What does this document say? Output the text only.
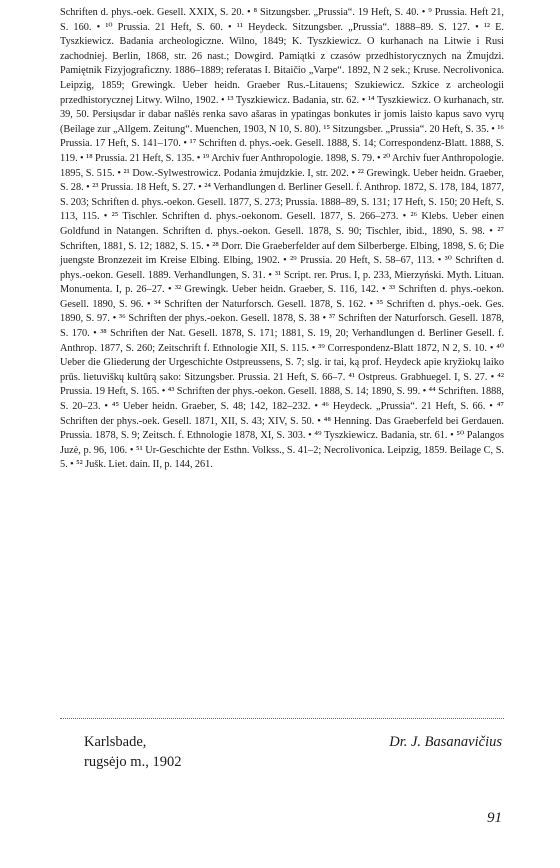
Schriften d. phys.-oek. Gesell. XXIX, S. 20. • ⁸ Sitzungsber. „Prussia“. 19 Heft, S. 40. • ⁹ Prussia. Heft 21, S. 160. • ¹⁰ Prussia. 21 Heft, S. 60. • ¹¹ Heydeck. Sitzungsber. „Prussia“. 1888–89. S. 127. • ¹² E. Tyszkiewicz. Badania archeologiczne. Wilno, 1849; K. Tyszkiewicz. O kurhanach na Litwie i Rusi zachodniej. Berlin, 1868, str. 26 nast.; Dowgird. Pamiątki z czasów przedhistorycznych na Żmujdzi. Pamiętnik Fizyjograficzny. 1886–1889; referatas I. Bitaičio „Varpe“. 1892, N 2 sek.; Kruse. Necrolivonica. Leipzig, 1859; Grewingk. Ueber heidn. Graeber Rus.-Litauens; Szukiewicz. Szkice z archeologii przedhistorycznej Litwy. Wilno, 1902. • ¹³ Tyszkiewicz. Badania, str. 62. • ¹⁴ Tyszkiewicz. O kurhanach, str. 39, 50. Persiųsdar ir dabar našlės renka savo ašaras in ypatingas bonkutes ir jomis laisto kapus savo vyrų (Beilage zur „Allgem. Zeitung“. Muenchen, 1903, N 10, S. 80). ¹⁵ Sitzungsber. „Prussia“. 20 Heft, S. 35. • ¹⁶ Prussia. 17 Heft, S. 141–170. • ¹⁷ Schriften d. phys.-oek. Gesell. 1888, S. 14; Correspondenz-Blatt. 1888, S. 119. • ¹⁸ Prussia. 21 Heft, S. 135. • ¹⁹ Archiv fuer Anthropologie. 1898, S. 79. • ²⁰ Archiv fuer Anthropologie. 1895, S. 515. • ²¹ Dow.-Sylwestrowicz. Podania żmujdzkie. I, str. 202. • ²² Grewingk. Ueber heidn. Graeber, S. 28. • ²³ Prussia. 18 Heft, S. 27. • ²⁴ Verhandlungen d. Berliner Gesell. f. Anthrop. 1872, S. 178, 184, 1877, S. 203; Schriften d. phys.-oekon. Gesell. 1877, S. 273; Prussia. 1888–89, S. 131; 17 Heft, S. 150; 20 Heft, S. 113, 115. • ²⁵ Tischler. Schriften d. phys.-oekonom. Gesell. 1877, S. 266–273. • ²⁶ Klebs. Ueber einen Goldfund in Natangen. Schriften d. phys.-oekon. Gesell. 1878, S. 90; Tischler, ibid., 1890, S. 98. • ²⁷ Schriften, 1881, S. 12; 1882, S. 15. • ²⁸ Dorr. Die Graeberfelder auf dem Silberberge. Elbing, 1898, S. 6; Die juengste Bronzezeit im Kreise Elbing. Elbing, 1902. • ²⁹ Prussia. 20 Heft, S. 58–67, 113. • ³⁰ Schriften d. phys.-oekon. Gesell. 1889. Verhandlungen, S. 31. • ³¹ Script. rer. Prus. I, p. 233, Mierzyński. Myth. Lituan. Monumenta. I, p. 26–27. • ³² Grewingk. Ueber heidn. Graeber, S. 116, 142. • ³³ Schriften d. phys.-oekon. Gesell. 1890, S. 96. • ³⁴ Schriften der Naturforsch. Gesell. 1878, S. 162. • ³⁵ Schriften d. phys.-oek. Ges. 1890, S. 97. • ³⁶ Schriften der phys.-oekon. Gesell. 1878, S. 38 • ³⁷ Schriften der Naturforsch. Gesell. 1878, S. 170. • ³⁸ Schriften der Nat. Gesell. 1878, S. 171; 1881, S. 19, 20; Verhandlungen d. Berliner Gesell. f. Anthrop. 1877, S. 260; Zeitschrift f. Ethnologie XII, S. 115. • ³⁹ Correspondenz-Blatt 1872, N 2, S. 10. • ⁴⁰ Ueber die Gliederung der Urgeschichte Ostpreussens, S. 7; slg. ir tai, ką prof. Heydeck apie kryžiokų laiko prūs. lietuviškų kultūrą sako: Sitzungsber. Prussia. 21 Heft, S. 66–7. ⁴¹ Ostpreus. Grabhuegel. I, S. 27. • ⁴² Prussia. 19 Heft, S. 165. • ⁴³ Schriften der phys.-oekon. Gesell. 1888, S. 14; 1890, S. 99. • ⁴⁴ Schriften. 1888, S. 20–23. • ⁴⁵ Ueber heidn. Graeber, S. 48; 142, 182–232. • ⁴⁶ Heydeck. „Prussia“. 21 Heft, S. 66. • ⁴⁷ Schriften der phys.-oek. Gesell. 1871, XII, S. 43; XIV, S. 50. • ⁴⁸ Henning. Das Graeberfeld bei Gerdauen. Prussia. 1878, S. 9; Zeitsch. f. Ethnologie 1878, XI, S. 303. • ⁴⁹ Tyszkiewicz. Badania, str. 61. • ⁵⁰ Palangos Juzė, p. 96, 106. • ⁵¹ Ur-Geschichte der Esthn. Volkss., S. 41–2; Necrolivonica. Leipzig, 1859. Beilage C, S. 5. • ⁵² Jušk. Liet. dain. II, p. 144, 261.

Karlsbade,
rugsėjo m., 1902
Dr. J. Basanavičius
91
